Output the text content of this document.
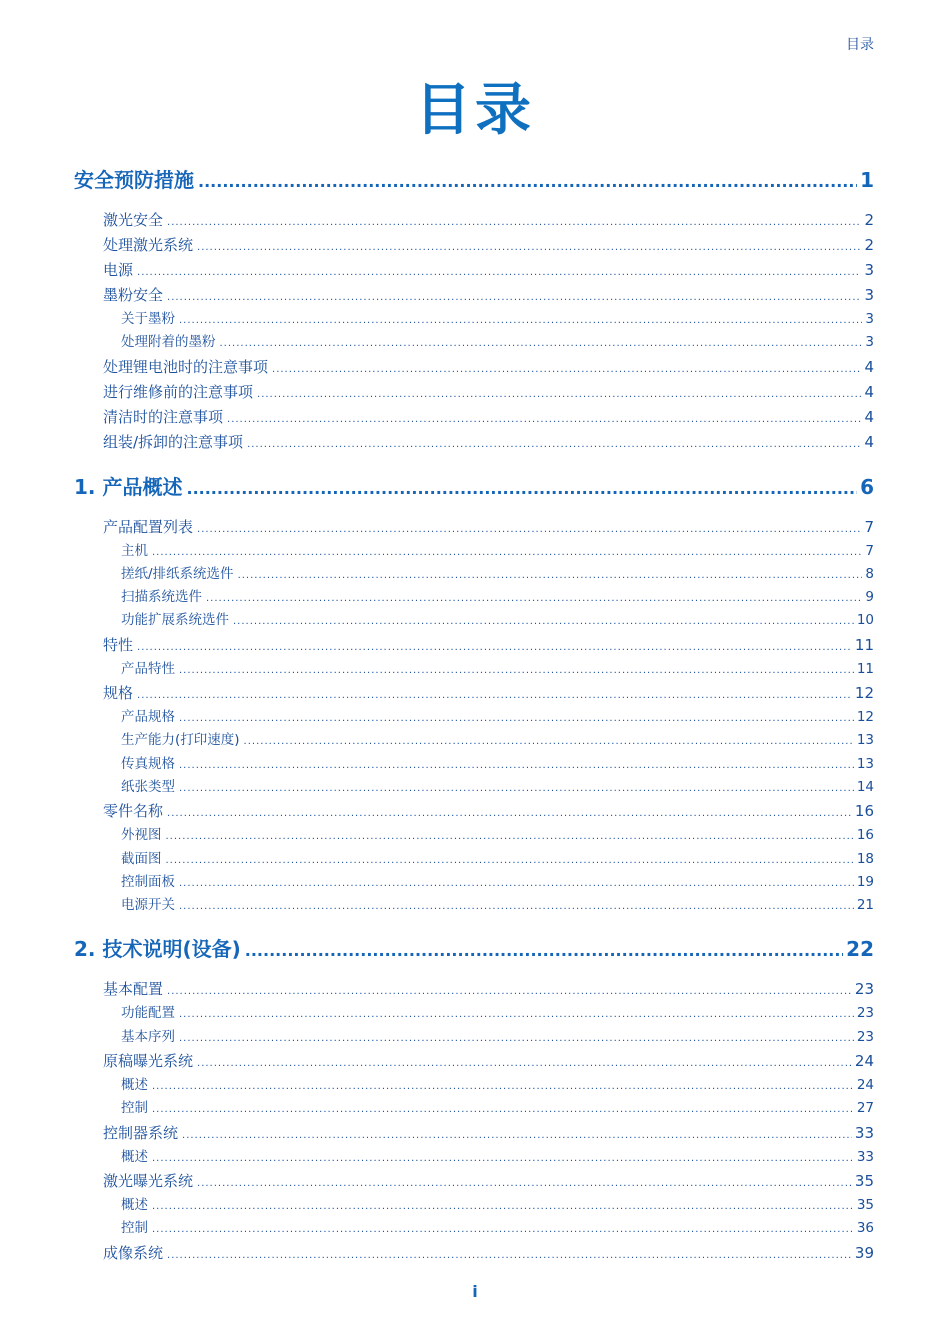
目录
目录
安全预防措施 .....	1
激光安全 .....	2
处理激光系统 .....	2
电源 .....	3
墨粉安全 .....	3
关于墨粉 .....	3
处理附着的墨粉 .....	3
处理锂电池时的注意事项 .....	4
进行维修前的注意事项 .....	4
清洁时的注意事项 .....	4
组装/拆卸的注意事项 .....	4
1. 产品概述 .....	6
产品配置列表 .....	7
主机 .....	7
搓纸/排纸系统选件 .....	8
扫描系统选件 .....	9
功能扩展系统选件 .....	10
特性 .....	11
产品特性 .....	11
规格 .....	12
产品规格 .....	12
生产能力(打印速度) .....	13
传真规格 .....	13
纸张类型 .....	14
零件名称 .....	16
外视图 .....	16
截面图 .....	18
控制面板 .....	19
电源开关 .....	21
2. 技术说明(设备) .....	22
基本配置 .....	23
功能配置 .....	23
基本序列 .....	23
原稿曝光系统 .....	24
概述 .....	24
控制 .....	27
控制器系统 .....	33
概述 .....	33
激光曝光系统 .....	35
概述 .....	35
控制 .....	36
成像系统 .....	39
i
